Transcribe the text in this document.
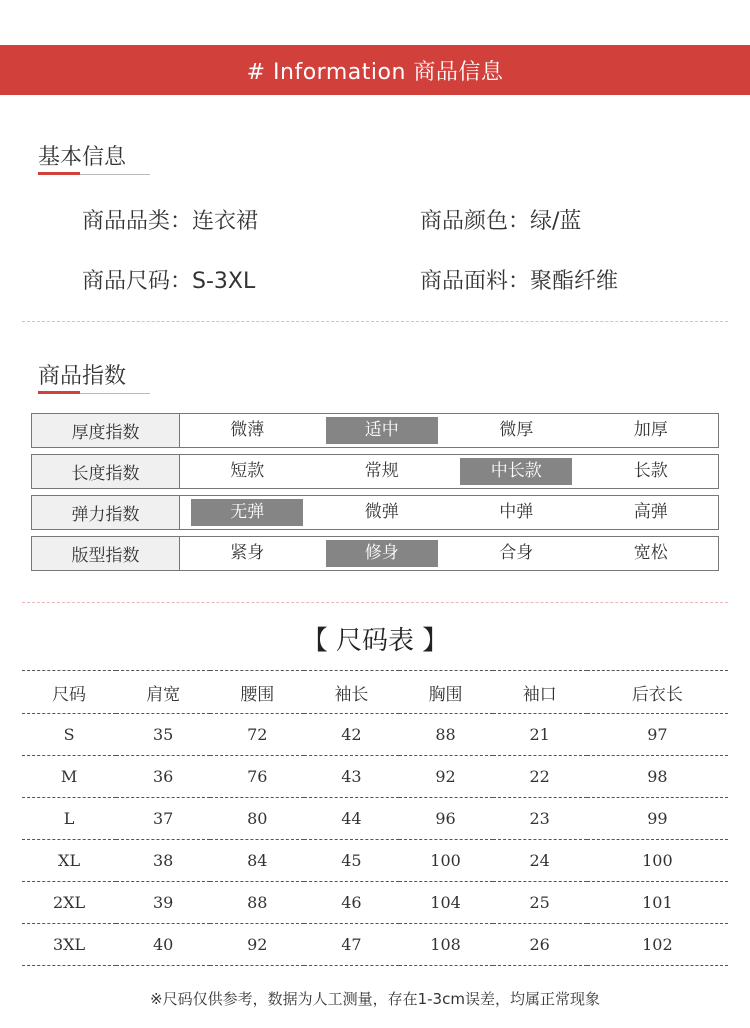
# Information 商品信息
基本信息
商品品类：连衣裙	商品颜色：绿/蓝
商品尺码：S-3XL	商品面料：聚酯纤维
商品指数
厚度指数	微薄	适中	微厚	加厚
长度指数	短款	常规	中长款	长款
弹力指数	无弹	微弹	中弹	高弹
版型指数	紧身	修身	合身	宽松
【 尺码表 】
尺码	肩宽	腰围	袖长	胸围	袖口	后衣长
S	35	72	42	88	21	97
M	36	76	43	92	22	98
L	37	80	44	96	23	99
XL	38	84	45	100	24	100
2XL	39	88	46	104	25	101
3XL	40	92	47	108	26	102
※尺码仅供参考，数据为人工测量，存在1-3cm误差，均属正常现象
